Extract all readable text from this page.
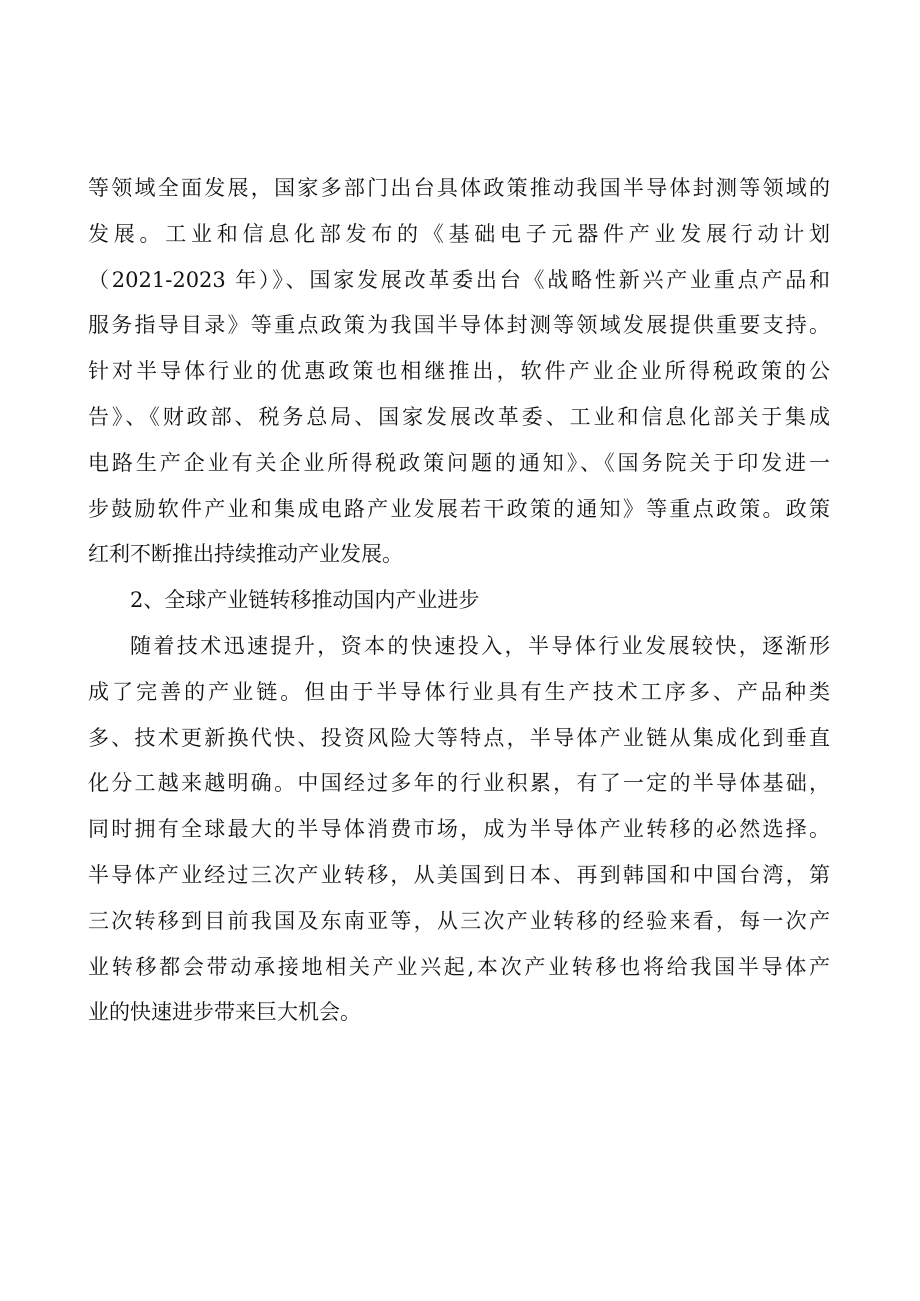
等领域全面发展，国家多部门出台具体政策推动我国半导体封测等领域的
发展。工业和信息化部发布的《基础电子元器件产业发展行动计划
（2021-2023 年）》、国家发展改革委出台《战略性新兴产业重点产品和
服务指导目录》等重点政策为我国半导体封测等领域发展提供重要支持。
针对半导体行业的优惠政策也相继推出，软件产业企业所得税政策的公
告》、《财政部、税务总局、国家发展改革委、工业和信息化部关于集成
电路生产企业有关企业所得税政策问题的通知》、《国务院关于印发进一
步鼓励软件产业和集成电路产业发展若干政策的通知》等重点政策。政策
红利不断推出持续推动产业发展。
2、全球产业链转移推动国内产业进步
随着技术迅速提升，资本的快速投入，半导体行业发展较快，逐渐形
成了完善的产业链。但由于半导体行业具有生产技术工序多、产品种类
多、技术更新换代快、投资风险大等特点，半导体产业链从集成化到垂直
化分工越来越明确。中国经过多年的行业积累，有了一定的半导体基础，
同时拥有全球最大的半导体消费市场，成为半导体产业转移的必然选择。
半导体产业经过三次产业转移，从美国到日本、再到韩国和中国台湾，第
三次转移到目前我国及东南亚等，从三次产业转移的经验来看，每一次产
业转移都会带动承接地相关产业兴起,本次产业转移也将给我国半导体产
业的快速进步带来巨大机会。
